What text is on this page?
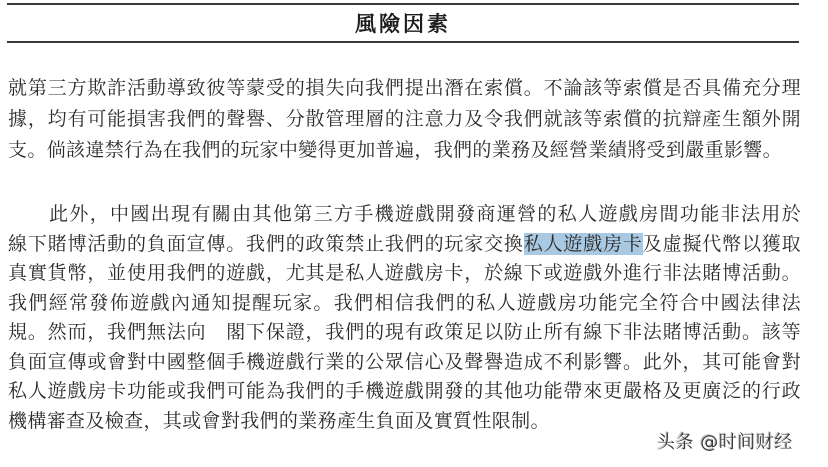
風險因素
就第三方欺詐活動導致彼等蒙受的損失向我們提出潛在索償。不論該等索償是否具備充分理
據，均有可能損害我們的聲譽、分散管理層的注意力及令我們就該等索償的抗辯產生額外開
支。倘該違禁行為在我們的玩家中變得更加普遍，我們的業務及經營業績將受到嚴重影響。
此外，中國出現有關由其他第三方手機遊戲開發商運營的私人遊戲房間功能非法用於
線下賭博活動的負面宣傳。我們的政策禁止我們的玩家交換私人遊戲房卡及虛擬代幣以獲取
真實貨幣，並使用我們的遊戲，尤其是私人遊戲房卡，於線下或遊戲外進行非法賭博活動。
我們經常發佈遊戲內通知提醒玩家。我們相信我們的私人遊戲房功能完全符合中國法律法
規。然而，我們無法向　閣下保證，我們的現有政策足以防止所有線下非法賭博活動。該等
負面宣傳或會對中國整個手機遊戲行業的公眾信心及聲譽造成不利影響。此外，其可能會對
私人遊戲房卡功能或我們可能為我們的手機遊戲開發的其他功能帶來更嚴格及更廣泛的行政
機構審查及檢查，其或會對我們的業務產生負面及實質性限制。
头条 @时间财经
